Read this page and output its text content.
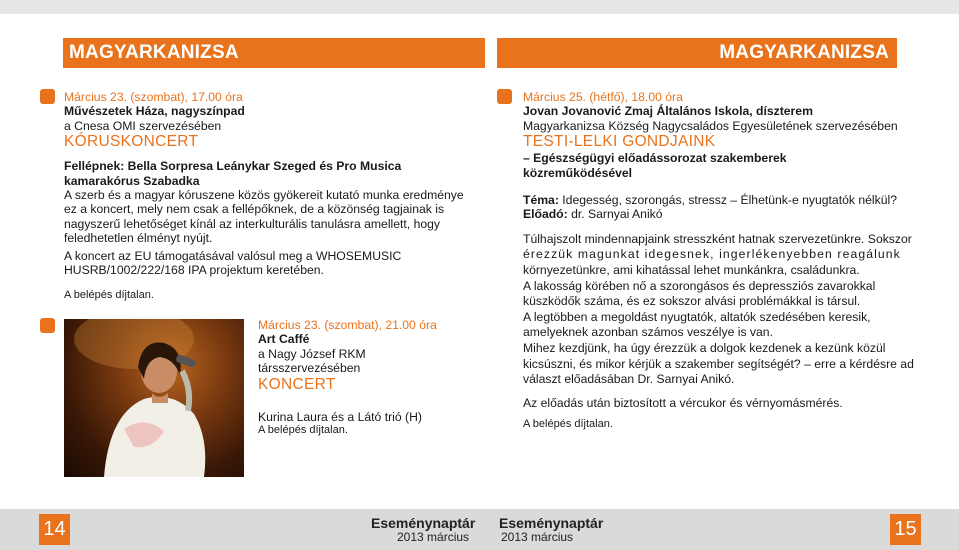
MAGYARKANIZSA	MAGYARKANIZSA
Március 23. (szombat), 17.00 óra
Művészetek Háza, nagyszínpad
a Cnesa OMI szervezésében
KÓRUSKONCERT
Fellépnek: Bella Sorpresa Leánykar Szeged és Pro Musica kamarakórus Szabadka
A szerb és a magyar kóruszene közös gyökereit kutató munka eredménye
ez a koncert, mely nem csak a fellépőknek, de a közönség tagjainak is
nagyszerű lehetőséget kínál az interkulturális tanulásra amellett, hogy
feledhetetlen élményt nyújt.
A koncert az EU támogatásával valósul meg a WHOSEMUSIC
HUSRB/1002/222/168 IPA projektum keretében.
A belépés díjtalan.
Március 23. (szombat), 21.00 óra
Art Caffé
a Nagy József RKM
társszervezésében
KONCERT
Kurina Laura és a Látó trió (H)
A belépés díjtalan.
Március 25. (hétfő), 18.00 óra
Jovan Jovanović Zmaj Általános Iskola, díszterem
Magyarkanizsa Község Nagycsaládos Egyesületének szervezésében
TESTI-LELKI GONDJAINK
– Egészségügyi előadássorozat szakemberek
közreműködésével
Téma: Idegesség, szorongás, stressz – Élhetünk-e nyugtatók nélkül?
Előadó: dr. Sarnyai Anikó
Túlhajszolt mindennapjaink stresszként hatnak szervezetünkre. Sokszor
érezzük magunkat idegesnek, ingerlékenyebben reagálunk
környezetünkre, ami kihatással lehet munkánkra, családunkra.
A lakosság körében nő a szorongásos és depressziós zavarokkal
küszködők száma, és ez sokszor alvási problémákkal is társul.
A legtöbben a megoldást nyugtatók, altatók szedésében keresik,
amelyeknek azonban számos veszélye is van.
Mihez kezdjünk, ha úgy érezzük a dolgok kezdenek a kezünk közül
kicsúszni, és mikor kérjük a szakember segítségét? – erre a kérdésre ad
választ előadásában Dr. Sarnyai Anikó.
Az előadás után biztosított a vércukor és vérnyomásmérés.
A belépés díjtalan.
14	15
Eseménynaptár
2013 március
Eseménynaptár
2013 március
